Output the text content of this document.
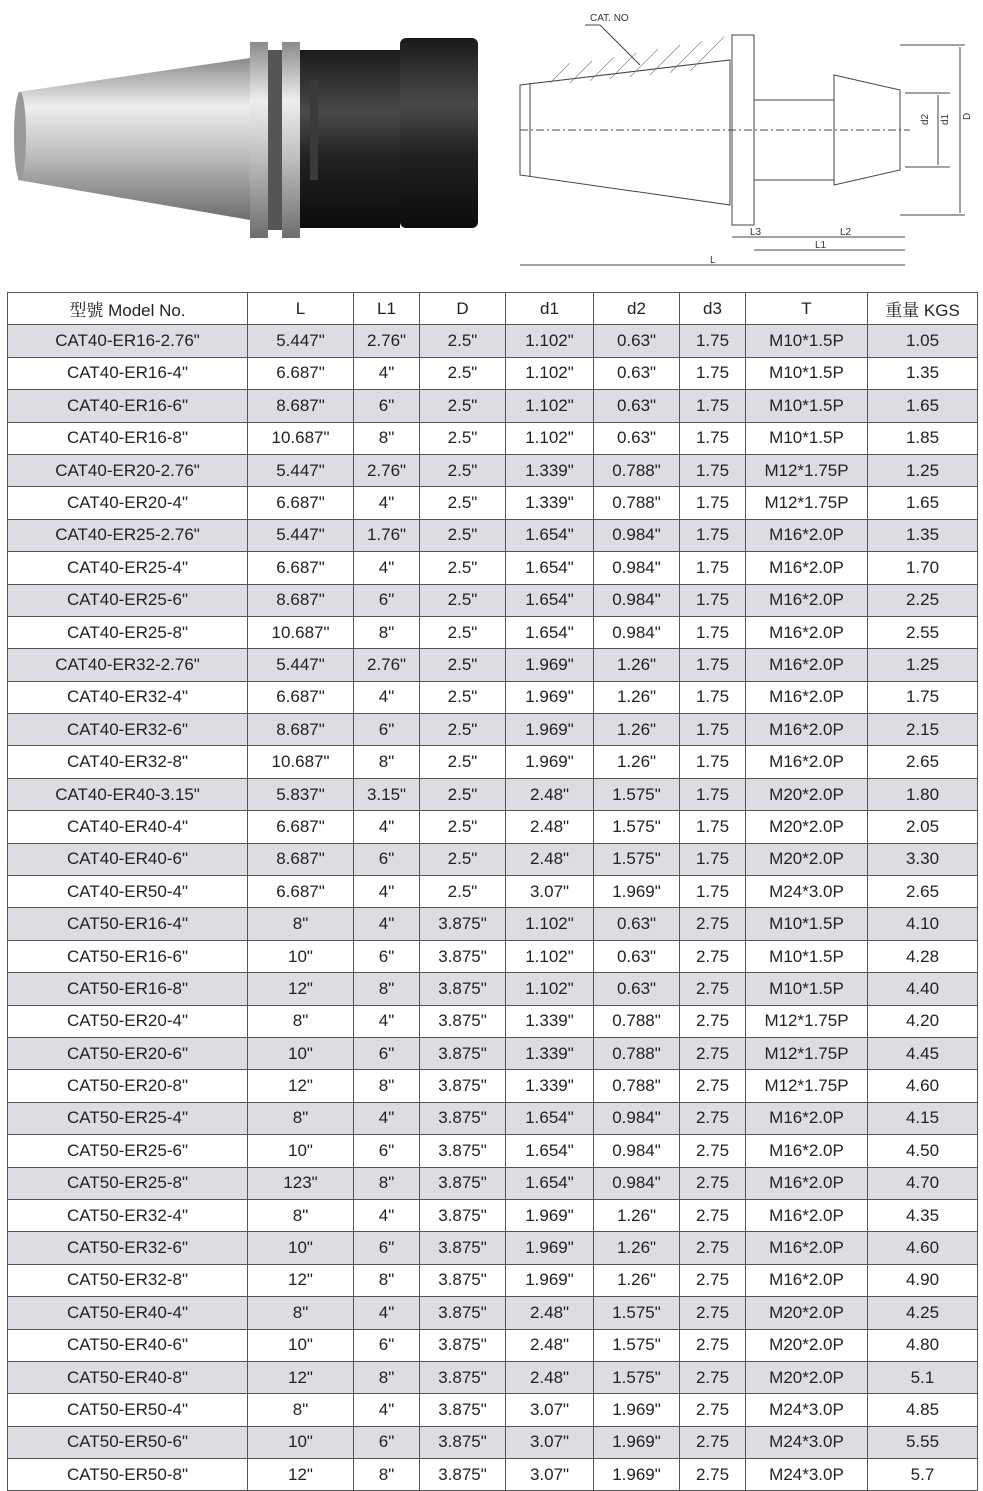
CAT. NO
d2 d1 D
L3	L2
L1
L
型號 Model No.	L	L1	D	d1	d2	d3	T	重量 KGS
CAT40-ER16-2.76"	5.447"	2.76"	2.5"	1.102"	0.63"	1.75	M10*1.5P	1.05
CAT40-ER16-4"	6.687"	4"	2.5"	1.102"	0.63"	1.75	M10*1.5P	1.35
CAT40-ER16-6"	8.687"	6"	2.5"	1.102"	0.63"	1.75	M10*1.5P	1.65
CAT40-ER16-8"	10.687"	8"	2.5"	1.102"	0.63"	1.75	M10*1.5P	1.85
CAT40-ER20-2.76"	5.447"	2.76"	2.5"	1.339"	0.788"	1.75	M12*1.75P	1.25
CAT40-ER20-4"	6.687"	4"	2.5"	1.339"	0.788"	1.75	M12*1.75P	1.65
CAT40-ER25-2.76"	5.447"	1.76"	2.5"	1.654"	0.984"	1.75	M16*2.0P	1.35
CAT40-ER25-4"	6.687"	4"	2.5"	1.654"	0.984"	1.75	M16*2.0P	1.70
CAT40-ER25-6"	8.687"	6"	2.5"	1.654"	0.984"	1.75	M16*2.0P	2.25
CAT40-ER25-8"	10.687"	8"	2.5"	1.654"	0.984"	1.75	M16*2.0P	2.55
CAT40-ER32-2.76"	5.447"	2.76"	2.5"	1.969"	1.26"	1.75	M16*2.0P	1.25
CAT40-ER32-4"	6.687"	4"	2.5"	1.969"	1.26"	1.75	M16*2.0P	1.75
CAT40-ER32-6"	8.687"	6"	2.5"	1.969"	1.26"	1.75	M16*2.0P	2.15
CAT40-ER32-8"	10.687"	8"	2.5"	1.969"	1.26"	1.75	M16*2.0P	2.65
CAT40-ER40-3.15"	5.837"	3.15"	2.5"	2.48"	1.575"	1.75	M20*2.0P	1.80
CAT40-ER40-4"	6.687"	4"	2.5"	2.48"	1.575"	1.75	M20*2.0P	2.05
CAT40-ER40-6"	8.687"	6"	2.5"	2.48"	1.575"	1.75	M20*2.0P	3.30
CAT40-ER50-4"	6.687"	4"	2.5"	3.07"	1.969"	1.75	M24*3.0P	2.65
CAT50-ER16-4"	8"	4"	3.875"	1.102"	0.63"	2.75	M10*1.5P	4.10
CAT50-ER16-6"	10"	6"	3.875"	1.102"	0.63"	2.75	M10*1.5P	4.28
CAT50-ER16-8"	12"	8"	3.875"	1.102"	0.63"	2.75	M10*1.5P	4.40
CAT50-ER20-4"	8"	4"	3.875"	1.339"	0.788"	2.75	M12*1.75P	4.20
CAT50-ER20-6"	10"	6"	3.875"	1.339"	0.788"	2.75	M12*1.75P	4.45
CAT50-ER20-8"	12"	8"	3.875"	1.339"	0.788"	2.75	M12*1.75P	4.60
CAT50-ER25-4"	8"	4"	3.875"	1.654"	0.984"	2.75	M16*2.0P	4.15
CAT50-ER25-6"	10"	6"	3.875"	1.654"	0.984"	2.75	M16*2.0P	4.50
CAT50-ER25-8"	123"	8"	3.875"	1.654"	0.984"	2.75	M16*2.0P	4.70
CAT50-ER32-4"	8"	4"	3.875"	1.969"	1.26"	2.75	M16*2.0P	4.35
CAT50-ER32-6"	10"	6"	3.875"	1.969"	1.26"	2.75	M16*2.0P	4.60
CAT50-ER32-8"	12"	8"	3.875"	1.969"	1.26"	2.75	M16*2.0P	4.90
CAT50-ER40-4"	8"	4"	3.875"	2.48"	1.575"	2.75	M20*2.0P	4.25
CAT50-ER40-6"	10"	6"	3.875"	2.48"	1.575"	2.75	M20*2.0P	4.80
CAT50-ER40-8"	12"	8"	3.875"	2.48"	1.575"	2.75	M20*2.0P	5.1
CAT50-ER50-4"	8"	4"	3.875"	3.07"	1.969"	2.75	M24*3.0P	4.85
CAT50-ER50-6"	10"	6"	3.875"	3.07"	1.969"	2.75	M24*3.0P	5.55
CAT50-ER50-8"	12"	8"	3.875"	3.07"	1.969"	2.75	M24*3.0P	5.7
